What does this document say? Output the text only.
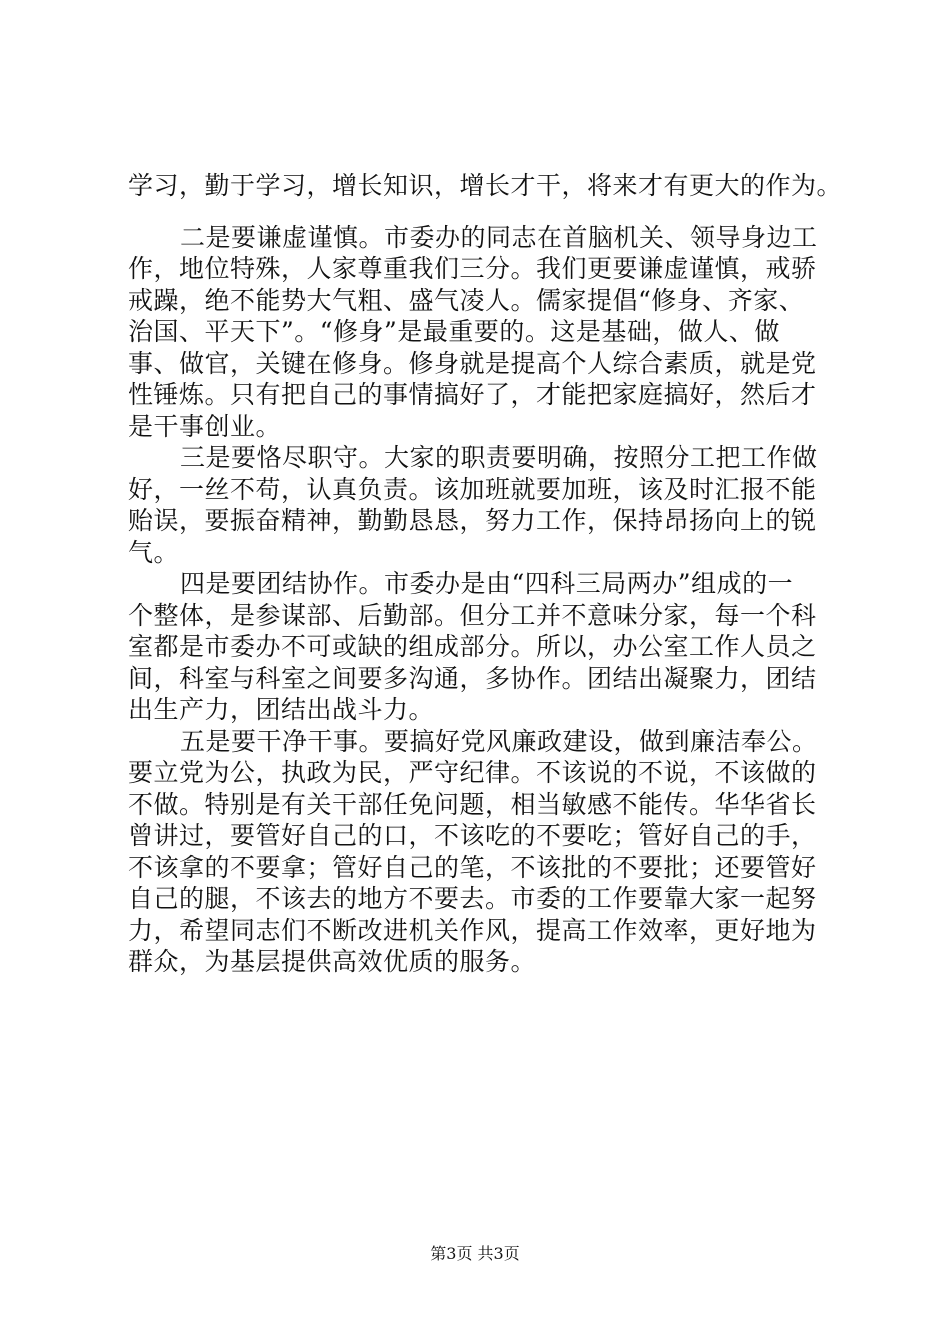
学习，勤于学习，增长知识，增长才干，将来才有更大的作为。
二是要谦虚谨慎。市委办的同志在首脑机关、领导身边工
作，地位特殊，人家尊重我们三分。我们更要谦虚谨慎，戒骄
戒躁，绝不能势大气粗、盛气凌人。儒家提倡“修身、齐家、
治国、平天下”。“修身”是最重要的。这是基础，做人、做
事、做官，关键在修身。修身就是提高个人综合素质，就是党
性锤炼。只有把自己的事情搞好了，才能把家庭搞好，然后才
是干事创业。
三是要恪尽职守。大家的职责要明确，按照分工把工作做
好，一丝不苟，认真负责。该加班就要加班，该及时汇报不能
贻误，要振奋精神，勤勤恳恳，努力工作，保持昂扬向上的锐
气。
四是要团结协作。市委办是由“四科三局两办”组成的一
个整体，是参谋部、后勤部。但分工并不意味分家，每一个科
室都是市委办不可或缺的组成部分。所以，办公室工作人员之
间，科室与科室之间要多沟通，多协作。团结出凝聚力，团结
出生产力，团结出战斗力。
五是要干净干事。要搞好党风廉政建设，做到廉洁奉公。
要立党为公，执政为民，严守纪律。不该说的不说，不该做的
不做。特别是有关干部任免问题，相当敏感不能传。华华省长
曾讲过，要管好自己的口，不该吃的不要吃；管好自己的手，
不该拿的不要拿；管好自己的笔，不该批的不要批；还要管好
自己的腿，不该去的地方不要去。市委的工作要靠大家一起努
力，希望同志们不断改进机关作风，提高工作效率，更好地为
群众，为基层提供高效优质的服务。
第3页 共3页
